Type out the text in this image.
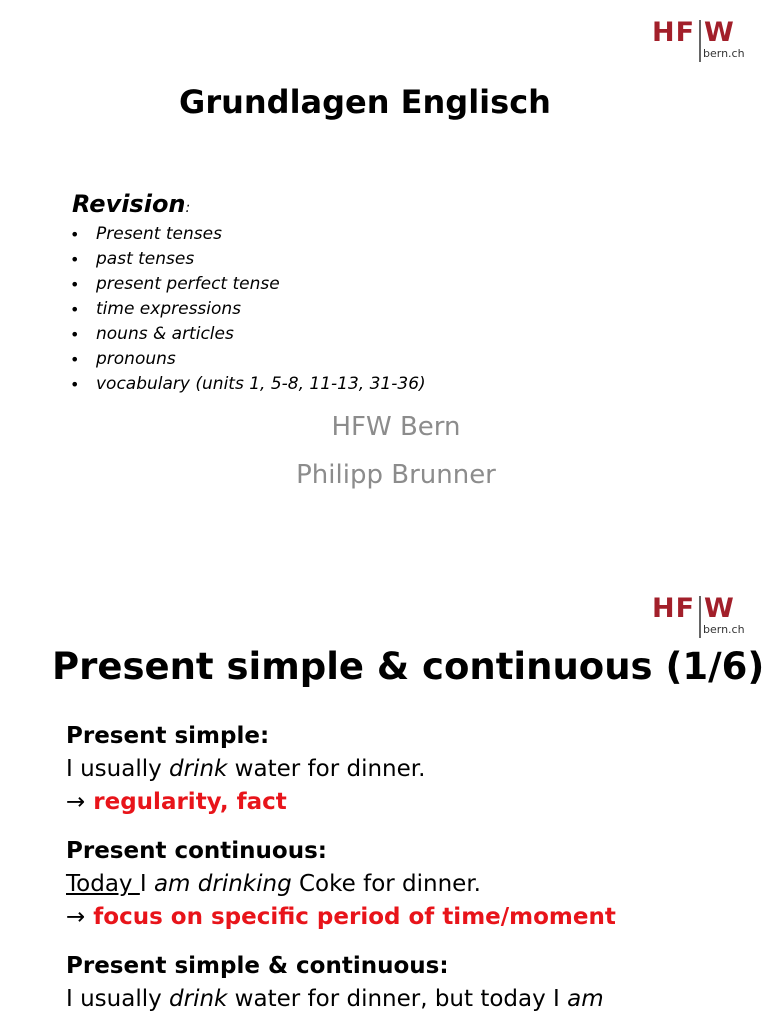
HF W
bern.ch
Grundlagen Englisch
Revision:
• Present tenses
• past tenses
• present perfect tense
• time expressions
• nouns & articles
• pronouns
• vocabulary (units 1, 5-8, 11-13, 31-36)
HFW Bern
Philipp Brunner
HF W
bern.ch
Present simple & continuous (1/6)
Present simple:
I usually drink water for dinner.
→ regularity, fact
Present continuous:
Today I am drinking Coke for dinner.
→ focus on specific period of time/moment
Present simple & continuous:
I usually drink water for dinner, but today I am
